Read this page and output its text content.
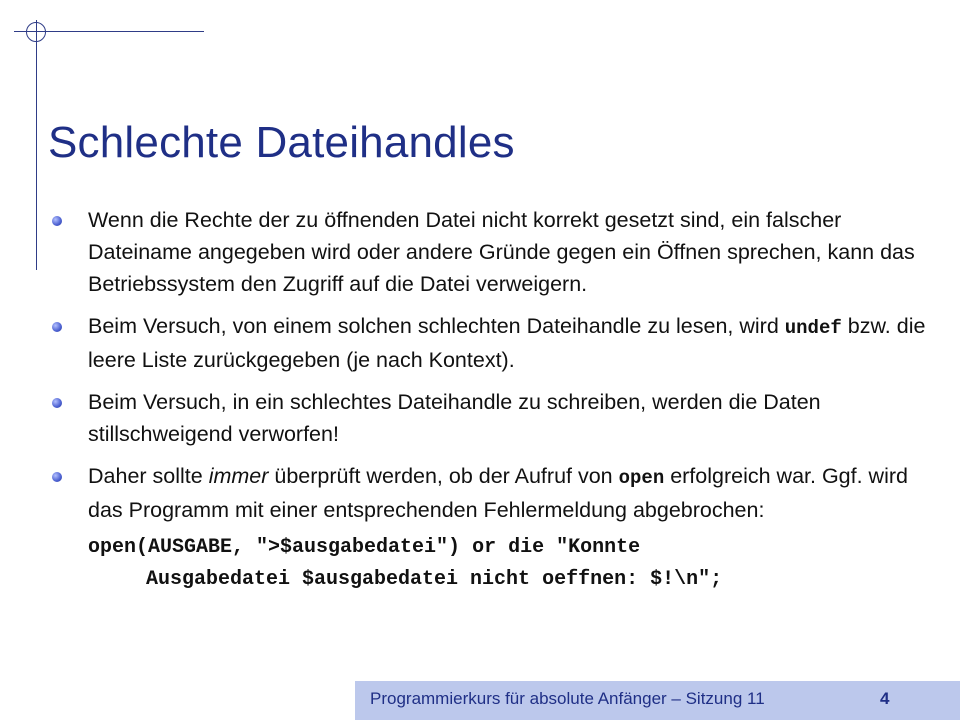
Schlechte Dateihandles
Wenn die Rechte der zu öffnenden Datei nicht korrekt gesetzt sind, ein falscher Dateiname angegeben wird oder andere Gründe gegen ein Öffnen sprechen, kann das Betriebssystem den Zugriff auf die Datei verweigern.
Beim Versuch, von einem solchen schlechten Dateihandle zu lesen, wird undef bzw. die leere Liste zurückgegeben (je nach Kontext).
Beim Versuch, in ein schlechtes Dateihandle zu schreiben, werden die Daten stillschweigend verworfen!
Daher sollte immer überprüft werden, ob der Aufruf von open erfolgreich war. Ggf. wird das Programm mit einer entsprechenden Fehlermeldung abgebrochen:
open(AUSGABE, ">$ausgabedatei") or die "Konnte
Ausgabedatei $ausgabedatei nicht oeffnen: $!\n";
Programmierkurs für absolute Anfänger – Sitzung 11	4
